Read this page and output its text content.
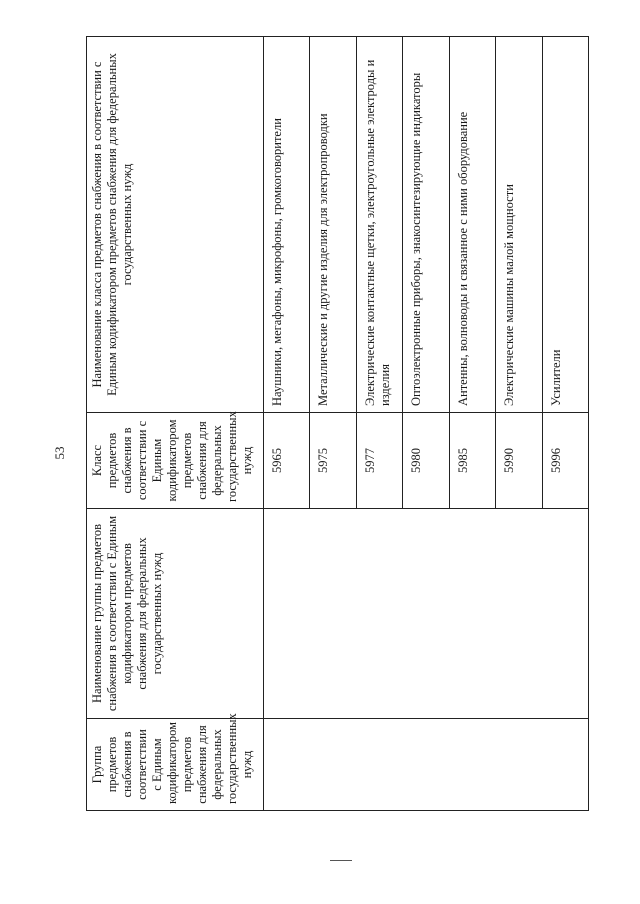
53
Группа предметов снабжения в соответствии с Единым кодификатором предметов снабжения для федеральных государственных нужд	Наименование группы предметов снабжения в соответствии с Единым кодификатором предметов снабжения для федеральных государственных нужд	Класс предметов снабжения в соответствии с Единым кодификатором предметов снабжения для федеральных государственных нужд	Наименование класса предметов снабжения в соответствии с Единым кодификатором предметов снабжения для федеральных государственных нужд
		5965	Наушники, мегафоны, микрофоны, громкоговорители
		5975	Металлические и другие изделия для электропроводки
		5977	Электрические контактные щетки, электроугольные электроды и изделия
		5980	Оптоэлектронные приборы, знакосинтезирующие индикаторы
		5985	Антенны, волноводы и связанное с ними оборудование
		5990	Электрические машины малой мощности
		5996	Усилители
